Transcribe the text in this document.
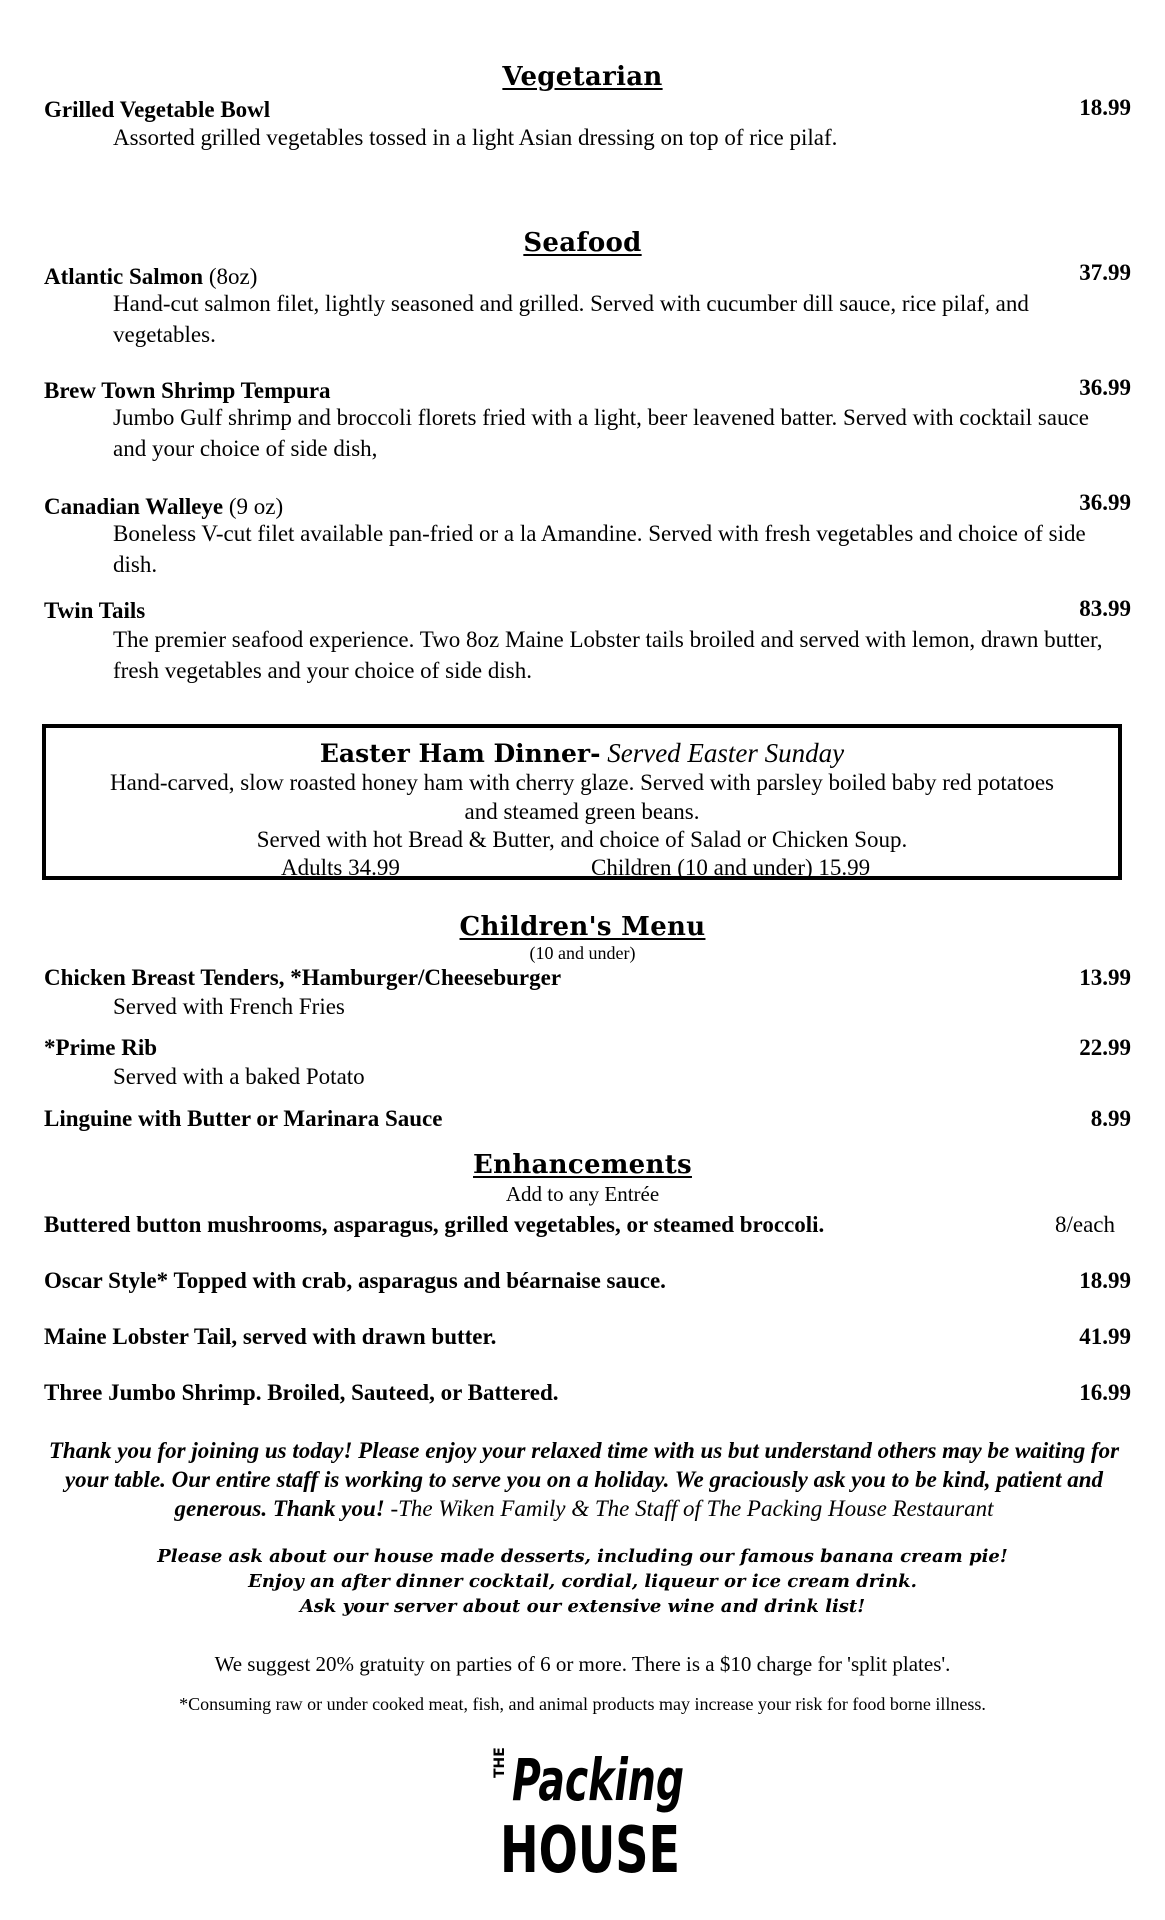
Vegetarian
Grilled Vegetable Bowl	18.99
Assorted grilled vegetables tossed in a light Asian dressing on top of rice pilaf.
Seafood
Atlantic Salmon (8oz)	37.99
Hand-cut salmon filet, lightly seasoned and grilled. Served with cucumber dill sauce, rice pilaf, and vegetables.
Brew Town Shrimp Tempura	36.99
Jumbo Gulf shrimp and broccoli florets fried with a light, beer leavened batter. Served with cocktail sauce and your choice of side dish,
Canadian Walleye (9 oz)	36.99
Boneless V-cut filet available pan-fried or a la Amandine. Served with fresh vegetables and choice of side dish.
Twin Tails	83.99
The premier seafood experience. Two 8oz Maine Lobster tails broiled and served with lemon, drawn butter, fresh vegetables and your choice of side dish.
Easter Ham Dinner- Served Easter Sunday
Hand-carved, slow roasted honey ham with cherry glaze. Served with parsley boiled baby red potatoes
and steamed green beans.
Served with hot Bread & Butter, and choice of Salad or Chicken Soup.
Adults 34.99	Children (10 and under) 15.99
Children's Menu
(10 and under)
Chicken Breast Tenders, *Hamburger/Cheeseburger	13.99
Served with French Fries
*Prime Rib	22.99
Served with a baked Potato
Linguine with Butter or Marinara Sauce	8.99
Enhancements
Add to any Entrée
Buttered button mushrooms, asparagus, grilled vegetables, or steamed broccoli.	8/each
Oscar Style* Topped with crab, asparagus and béarnaise sauce.	18.99
Maine Lobster Tail, served with drawn butter.	41.99
Three Jumbo Shrimp. Broiled, Sauteed, or Battered.	16.99
Thank you for joining us today! Please enjoy your relaxed time with us but understand others may be waiting for your table. Our entire staff is working to serve you on a holiday. We graciously ask you to be kind, patient and generous. Thank you! -The Wiken Family & The Staff of The Packing House Restaurant
Please ask about our house made desserts, including our famous banana cream pie!
Enjoy an after dinner cocktail, cordial, liqueur or ice cream drink.
Ask your server about our extensive wine and drink list!
We suggest 20% gratuity on parties of 6 or more. There is a $10 charge for 'split plates'.
*Consuming raw or under cooked meat, fish, and animal products may increase your risk for food borne illness.
THE Packing
HOUSE
